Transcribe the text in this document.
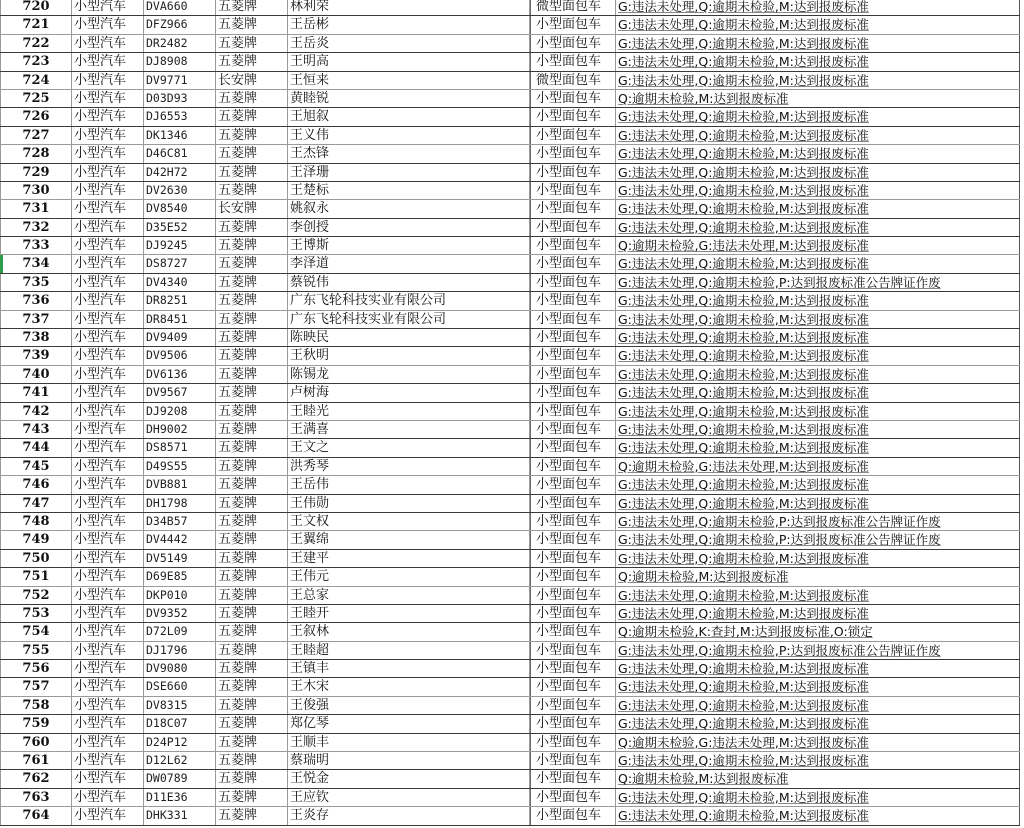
720	小型汽车	DVA660	五菱牌	林利荣	微型面包车	G:违法未处理,Q:逾期未检验,M:达到报废标准
721	小型汽车	DFZ966	五菱牌	王岳彬	小型面包车	G:违法未处理,Q:逾期未检验,M:达到报废标准
722	小型汽车	DR2482	五菱牌	王岳炎	小型面包车	G:违法未处理,Q:逾期未检验,M:达到报废标准
723	小型汽车	DJ8908	五菱牌	王明高	小型面包车	G:违法未处理,Q:逾期未检验,M:达到报废标准
724	小型汽车	DV9771	长安牌	王恒来	微型面包车	G:违法未处理,Q:逾期未检验,M:达到报废标准
725	小型汽车	D03D93	五菱牌	黄睦锐	小型面包车	Q:逾期未检验,M:达到报废标准
726	小型汽车	DJ6553	五菱牌	王旭叙	小型面包车	G:违法未处理,Q:逾期未检验,M:达到报废标准
727	小型汽车	DK1346	五菱牌	王义伟	小型面包车	G:违法未处理,Q:逾期未检验,M:达到报废标准
728	小型汽车	D46C81	五菱牌	王杰锋	小型面包车	G:违法未处理,Q:逾期未检验,M:达到报废标准
729	小型汽车	D42H72	五菱牌	王泽珊	小型面包车	G:违法未处理,Q:逾期未检验,M:达到报废标准
730	小型汽车	DV2630	五菱牌	王楚标	小型面包车	G:违法未处理,Q:逾期未检验,M:达到报废标准
731	小型汽车	DV8540	长安牌	姚叙永	小型面包车	G:违法未处理,Q:逾期未检验,M:达到报废标准
732	小型汽车	D35E52	五菱牌	李创授	小型面包车	G:违法未处理,Q:逾期未检验,M:达到报废标准
733	小型汽车	DJ9245	五菱牌	王博斯	小型面包车	Q:逾期未检验,G:违法未处理,M:达到报废标准
734	小型汽车	DS8727	五菱牌	李泽道	小型面包车	G:违法未处理,Q:逾期未检验,M:达到报废标准
735	小型汽车	DV4340	五菱牌	蔡锐伟	小型面包车	G:违法未处理,Q:逾期未检验,P:达到报废标准公告牌证作废
736	小型汽车	DR8251	五菱牌	广东飞轮科技实业有限公司	小型面包车	G:违法未处理,Q:逾期未检验,M:达到报废标准
737	小型汽车	DR8451	五菱牌	广东飞轮科技实业有限公司	小型面包车	G:违法未处理,Q:逾期未检验,M:达到报废标准
738	小型汽车	DV9409	五菱牌	陈映民	小型面包车	G:违法未处理,Q:逾期未检验,M:达到报废标准
739	小型汽车	DV9506	五菱牌	王秋明	小型面包车	G:违法未处理,Q:逾期未检验,M:达到报废标准
740	小型汽车	DV6136	五菱牌	陈锡龙	小型面包车	G:违法未处理,Q:逾期未检验,M:达到报废标准
741	小型汽车	DV9567	五菱牌	卢树海	小型面包车	G:违法未处理,Q:逾期未检验,M:达到报废标准
742	小型汽车	DJ9208	五菱牌	王睦光	小型面包车	G:违法未处理,Q:逾期未检验,M:达到报废标准
743	小型汽车	DH9002	五菱牌	王满喜	小型面包车	G:违法未处理,Q:逾期未检验,M:达到报废标准
744	小型汽车	DS8571	五菱牌	王文之	小型面包车	G:违法未处理,Q:逾期未检验,M:达到报废标准
745	小型汽车	D49S55	五菱牌	洪秀琴	小型面包车	Q:逾期未检验,G:违法未处理,M:达到报废标准
746	小型汽车	DVB881	五菱牌	王岳伟	小型面包车	G:违法未处理,Q:逾期未检验,M:达到报废标准
747	小型汽车	DH1798	五菱牌	王伟勋	小型面包车	G:违法未处理,Q:逾期未检验,M:达到报废标准
748	小型汽车	D34B57	五菱牌	王文权	小型面包车	G:违法未处理,Q:逾期未检验,P:达到报废标准公告牌证作废
749	小型汽车	DV4442	五菱牌	王翼绵	小型面包车	G:违法未处理,Q:逾期未检验,P:达到报废标准公告牌证作废
750	小型汽车	DV5149	五菱牌	王建平	小型面包车	G:违法未处理,Q:逾期未检验,M:达到报废标准
751	小型汽车	D69E85	五菱牌	王伟元	小型面包车	Q:逾期未检验,M:达到报废标准
752	小型汽车	DKP010	五菱牌	王总家	小型面包车	G:违法未处理,Q:逾期未检验,M:达到报废标准
753	小型汽车	DV9352	五菱牌	王睦开	小型面包车	G:违法未处理,Q:逾期未检验,M:达到报废标准
754	小型汽车	D72L09	五菱牌	王叙林	小型面包车	Q:逾期未检验,K:查封,M:达到报废标准,O:锁定
755	小型汽车	DJ1796	五菱牌	王睦超	小型面包车	G:违法未处理,Q:逾期未检验,P:达到报废标准公告牌证作废
756	小型汽车	DV9080	五菱牌	王镇丰	小型面包车	G:违法未处理,Q:逾期未检验,M:达到报废标准
757	小型汽车	DSE660	五菱牌	王木宋	小型面包车	G:违法未处理,Q:逾期未检验,M:达到报废标准
758	小型汽车	DV8315	五菱牌	王俊强	小型面包车	G:违法未处理,Q:逾期未检验,M:达到报废标准
759	小型汽车	D18C07	五菱牌	郑亿琴	小型面包车	G:违法未处理,Q:逾期未检验,M:达到报废标准
760	小型汽车	D24P12	五菱牌	王顺丰	小型面包车	Q:逾期未检验,G:违法未处理,M:达到报废标准
761	小型汽车	D12L62	五菱牌	蔡瑞明	小型面包车	G:违法未处理,Q:逾期未检验,M:达到报废标准
762	小型汽车	DW0789	五菱牌	王悦金	小型面包车	Q:逾期未检验,M:达到报废标准
763	小型汽车	D11E36	五菱牌	王应钦	小型面包车	G:违法未处理,Q:逾期未检验,M:达到报废标准
764	小型汽车	DHK331	五菱牌	王炎存	小型面包车	G:违法未处理,Q:逾期未检验,M:达到报废标准
